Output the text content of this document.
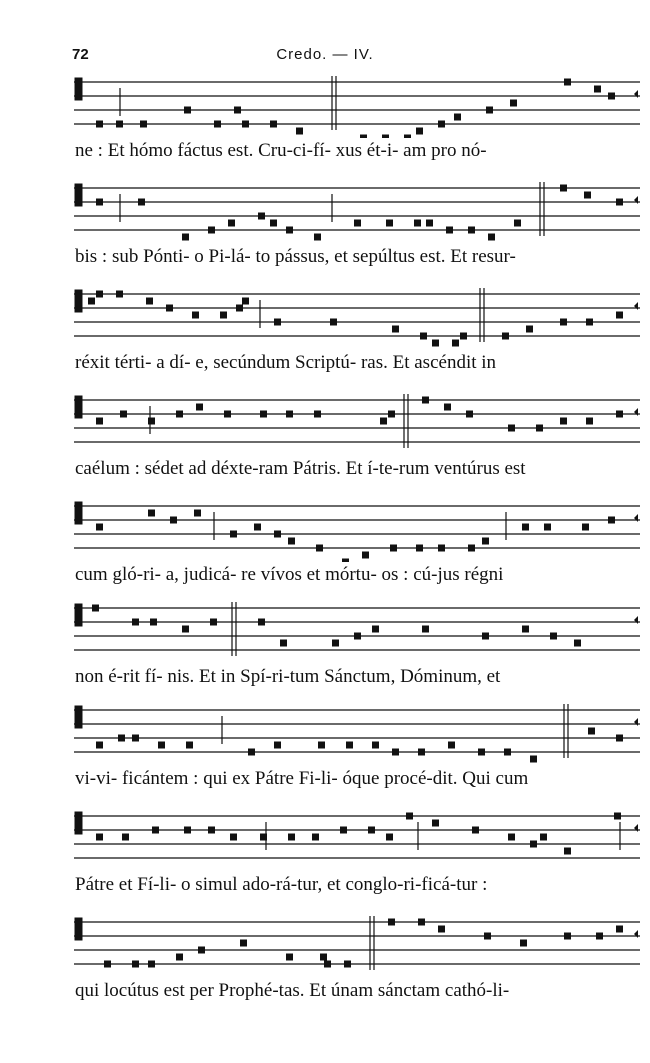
72	Credo. — IV.
ne : Et hómo fáctus est. Cru-ci-fí- xus ét-i- am pro nó-
bis : sub Pónti- o Pi-lá- to pássus, et sepúltus est. Et resur-
réxit térti- a dí- e, secúndum Scriptú- ras. Et ascéndit in
caélum : sédet ad déxte-ram Pátris. Et í-te-rum ventúrus est
cum gló-ri- a, judicá- re vívos et mórtu- os : cú-jus régni
non é-rit fí- nis. Et in Spí-ri-tum Sánctum, Dóminum, et
vi-vi- ficántem : qui ex Pátre Fi-li- óque procé-dit. Qui cum
Pátre et Fí-li- o simul ado-rá-tur, et conglo-ri-ficá-tur :
qui locútus est per Prophé-tas. Et únam sánctam cathó-li-
